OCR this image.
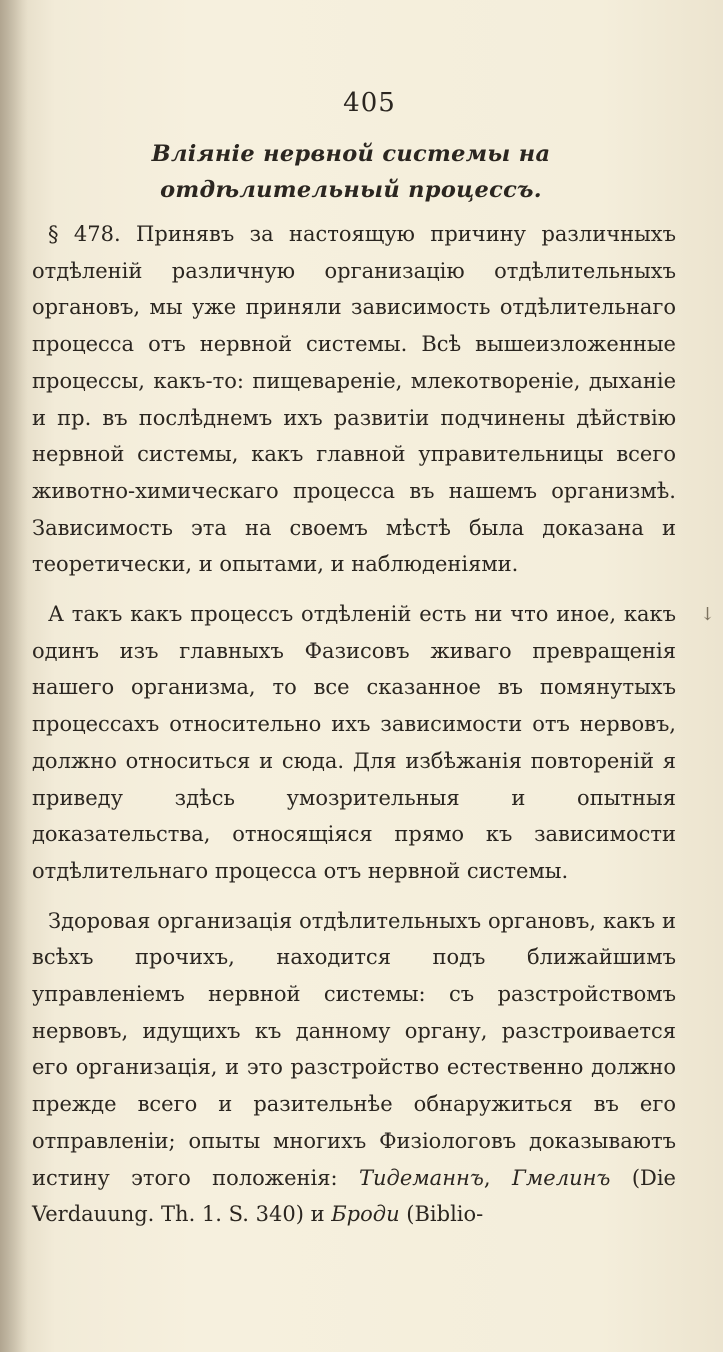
405
Вліяніе нервной системы на отдѣлительный процессъ.

§ 478. Принявъ за настоящую причину различныхъ отдѣленій различную организацію отдѣлительныхъ органовъ, мы уже приняли зависимость отдѣлительнаго процесса отъ нервной системы. Всѣ вышеизложенные процессы, какъ-то: пищевареніе, млекотвореніе, дыханіе и пр. въ послѣднемъ ихъ развитіи подчинены дѣйствію нервной системы, какъ главной управительницы всего животно-химическаго процесса въ нашемъ организмѣ. Зависимость эта на своемъ мѣстѣ была доказана и теоретически, и опытами, и наблюденіями.

А такъ какъ процессъ отдѣленій есть ни что иное, какъ одинъ изъ главныхъ Фазисовъ живаго превращенія нашего организма, то все сказанное въ помянутыхъ процессахъ относительно ихъ зависимости отъ нервовъ, должно относиться и сюда. Для избѣжанія повтореній я приведу здѣсь умозрительныя и опытныя доказательства, относящіяся прямо къ зависимости отдѣлительнаго процесса отъ нервной системы.

Здоровая организація отдѣлительныхъ органовъ, какъ и всѣхъ прочихъ, находится подъ ближайшимъ управленіемъ нервной системы: съ разстройствомъ нервовъ, идущихъ къ данному органу, разстроивается его организація, и это разстройство естественно должно прежде всего и разительнѣе обнаружиться въ его отправленіи; опыты многихъ Физіологовъ доказываютъ истину этого положенія: Тидеманнъ, Гмелинъ (Die Verdauung. Th. 1. S. 340) и Броди (Biblio-

↓
